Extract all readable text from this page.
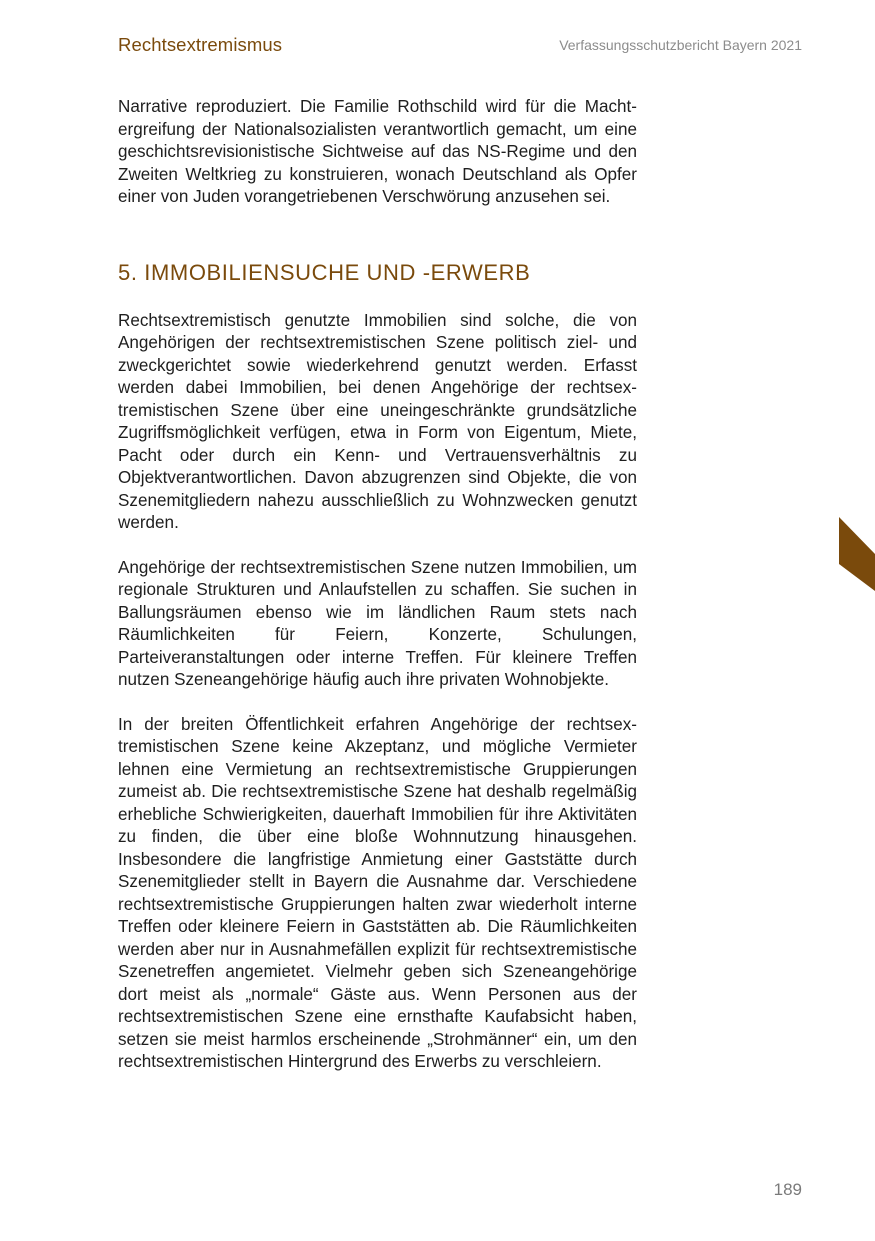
Rechtsextremismus	Verfassungsschutzbericht Bayern 2021

Narrative reproduziert. Die Familie Rothschild wird für die Machtergreifung der Nationalsozialisten verantwortlich gemacht, um eine geschichtsrevisionistische Sichtweise auf das NS-Regime und den Zweiten Weltkrieg zu konstruieren, wonach Deutschland als Opfer einer von Juden vorangetriebenen Verschwörung anzusehen sei.

5. IMMOBILIENSUCHE UND -ERWERB

Rechtsextremistisch genutzte Immobilien sind solche, die von Angehörigen der rechtsextremistischen Szene politisch ziel- und zweckgerichtet sowie wiederkehrend genutzt werden. Erfasst werden dabei Immobilien, bei denen Angehörige der rechtsextremistischen Szene über eine uneingeschränkte grundsätzliche Zugriffsmöglichkeit verfügen, etwa in Form von Eigentum, Miete, Pacht oder durch ein Kenn- und Vertrauensverhältnis zu Objektverantwortlichen. Davon abzugrenzen sind Objekte, die von Szenemitgliedern nahezu ausschließlich zu Wohnzwecken genutzt werden.

Angehörige der rechtsextremistischen Szene nutzen Immobilien, um regionale Strukturen und Anlaufstellen zu schaffen. Sie suchen in Ballungsräumen ebenso wie im ländlichen Raum stets nach Räumlichkeiten für Feiern, Konzerte, Schulungen, Parteiveranstaltungen oder interne Treffen. Für kleinere Treffen nutzen Szeneangehörige häufig auch ihre privaten Wohnobjekte.

In der breiten Öffentlichkeit erfahren Angehörige der rechtsextremistischen Szene keine Akzeptanz, und mögliche Vermieter lehnen eine Vermietung an rechtsextremistische Gruppierungen zumeist ab. Die rechtsextremistische Szene hat deshalb regelmäßig erhebliche Schwierigkeiten, dauerhaft Immobilien für ihre Aktivitäten zu finden, die über eine bloße Wohnnutzung hinausgehen. Insbesondere die langfristige Anmietung einer Gaststätte durch Szenemitglieder stellt in Bayern die Ausnahme dar. Verschiedene rechtsextremistische Gruppierungen halten zwar wiederholt interne Treffen oder kleinere Feiern in Gaststätten ab. Die Räumlichkeiten werden aber nur in Ausnahmefällen explizit für rechtsextremistische Szenetreffen angemietet. Vielmehr geben sich Szeneangehörige dort meist als „normale“ Gäste aus. Wenn Personen aus der rechtsextremistischen Szene eine ernsthafte Kaufabsicht haben, setzen sie meist harmlos erscheinende „Strohmänner“ ein, um den rechtsextremistischen Hintergrund des Erwerbs zu verschleiern.

189
